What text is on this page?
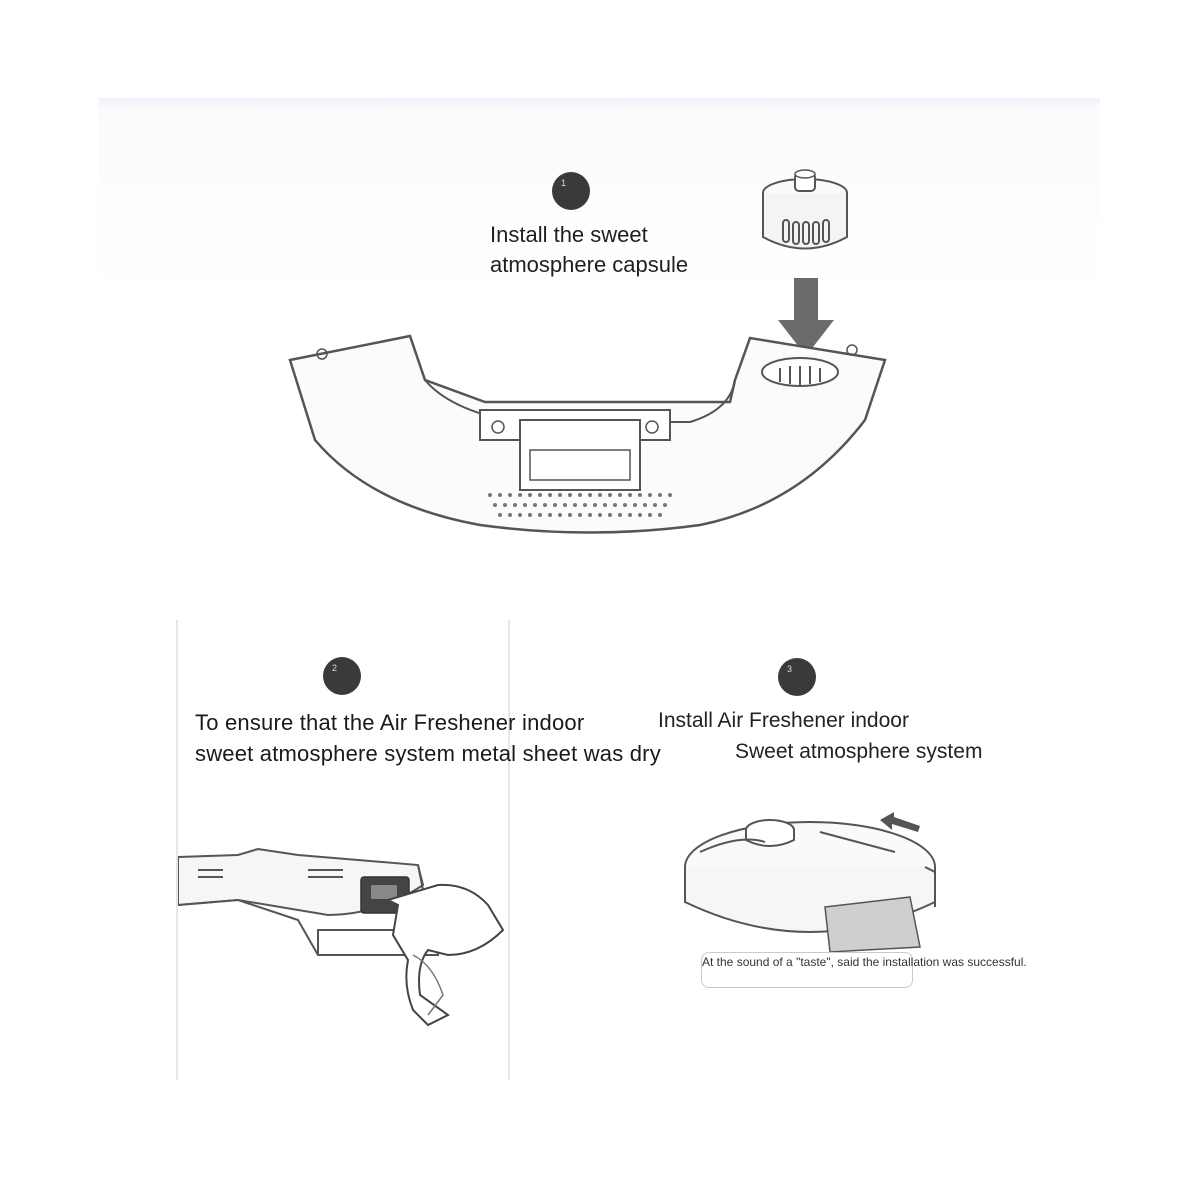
1
Install the sweet
atmosphere capsule
2
To ensure that the Air Freshener indoor
sweet atmosphere system metal sheet was dry
3
Install Air Freshener indoor
Sweet atmosphere system
At the sound of a "taste", said the installation was successful.
